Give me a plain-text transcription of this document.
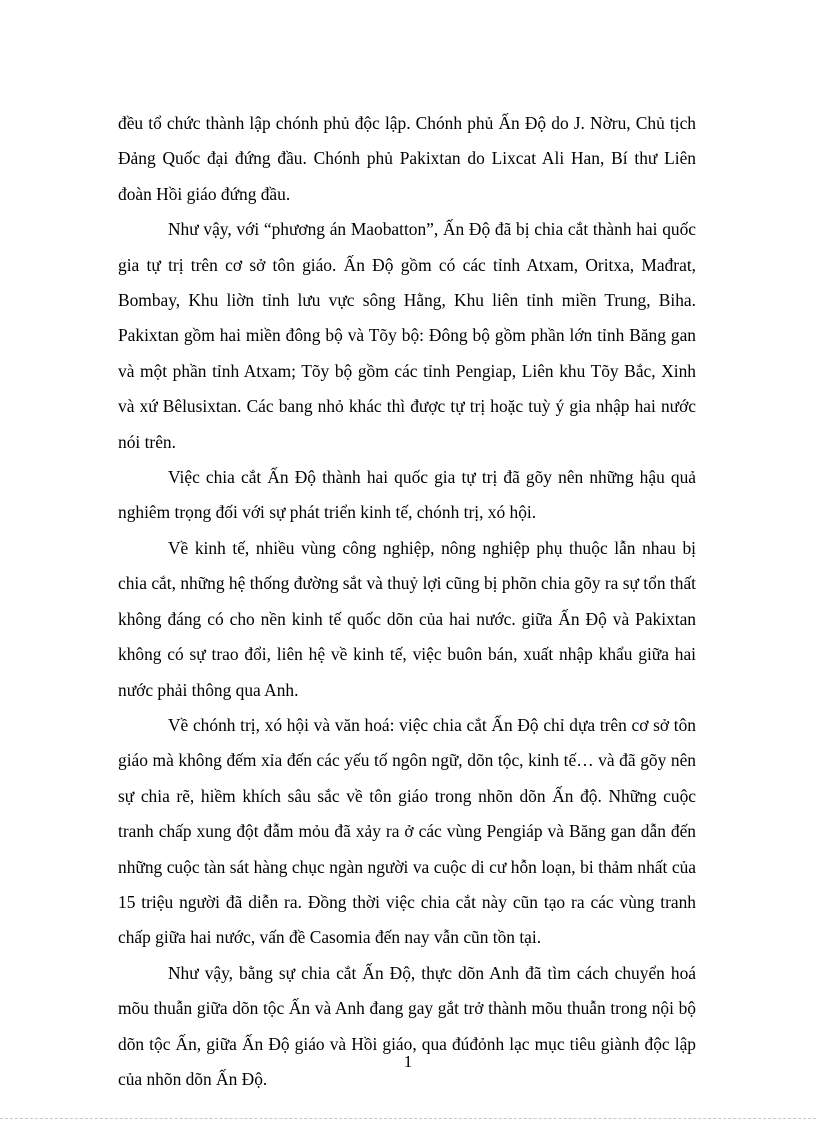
đều tổ chức thành lập chónh phủ độc lập. Chónh phủ Ấn Độ do J. Nờru, Chủ tịch Đảng Quốc đại đứng đầu. Chónh phủ Pakixtan do Lixcat Ali Han, Bí thư Liên đoàn Hồi giáo đứng đầu.

Như vậy, với “phương án Maobatton”, Ấn Độ đã bị chia cắt thành hai quốc gia tự trị trên cơ sở tôn giáo. Ấn Độ gồm có các tỉnh Atxam, Oritxa, Mađrat, Bombay, Khu liờn tỉnh lưu vực sông Hằng, Khu liên tỉnh miền Trung, Biha. Pakixtan gồm hai miền đông bộ và Tõy bộ: Đông bộ gồm phần lớn tỉnh Băng gan và một phần tỉnh Atxam; Tõy bộ gồm các tỉnh Pengiap, Liên khu Tõy Bắc, Xinh và xứ Bêlusixtan. Các bang nhỏ khác thì được tự trị hoặc tuỳ ý gia nhập hai nước nói trên.

Việc chia cắt Ấn Độ thành hai quốc gia tự trị đã gõy nên những hậu quả nghiêm trọng đối với sự phát triển kinh tế, chónh trị, xó hội.

Về kinh tế, nhiều vùng công nghiệp, nông nghiệp phụ thuộc lẫn nhau bị chia cắt, những hệ thống đường sắt và thuỷ lợi cũng bị phõn chia gõy ra sự tổn thất không đáng có cho nền kinh tế quốc dõn của hai nước. giữa Ấn Độ và Pakixtan không có sự trao đổi, liên hệ về kinh tế, việc buôn bán, xuất nhập khẩu giữa hai nước phải thông qua Anh.

Về chónh trị, xó hội và văn hoá: việc chia cắt Ấn Độ chỉ dựa trên cơ sở tôn giáo mà không đếm xỉa đến các yếu tố ngôn ngữ, dõn tộc, kinh tế… và đã gõy nên sự chia rẽ, hiềm khích sâu sắc về tôn giáo trong nhõn dõn Ấn độ. Những cuộc tranh chấp xung đột đẫm mỏu đã xảy ra ở các vùng Pengiáp và Băng gan dẫn đến những cuộc tàn sát hàng chục ngàn người va cuộc di cư hỗn loạn, bi thảm nhất của 15 triệu người đã diễn ra. Đồng thời việc chia cắt này cũn tạo ra các vùng tranh chấp giữa hai nước, vấn đề Casomia đến nay vẫn cũn tồn tại.

Như vậy, bằng sự chia cắt Ấn Độ, thực dõn Anh đã tìm cách chuyển hoá mõu thuẫn giữa dõn tộc Ấn và Anh đang gay gắt trở thành mõu thuẫn trong nội bộ dõn tộc Ấn, giữa Ấn Độ giáo và Hồi giáo, qua đúđỏnh lạc mục tiêu giành độc lập của nhõn dõn Ấn Độ.

1
